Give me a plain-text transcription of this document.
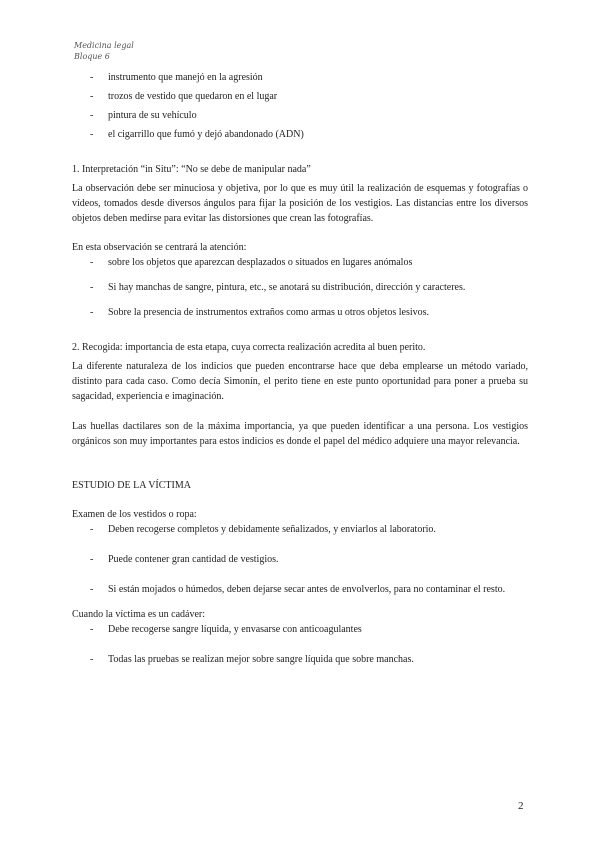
Medicina legal
Bloque 6

- instrumento que manejó en la agresión

- trozos de vestido que quedaron en el lugar

- pintura de su vehículo

- el cigarrillo que fumó y dejó abandonado (ADN)

1. Interpretación “in Situ”: “No se debe de manipular nada”

La observación debe ser minuciosa y objetiva, por lo que es muy útil la realización de esquemas y fotografías o vídeos, tomados desde diversos ángulos para fijar la posición de los vestigios. Las distancias entre los diversos objetos deben medirse para evitar las distorsiones que crean las fotografías.

En esta observación se centrará la atención:

- sobre los objetos que aparezcan desplazados o situados en lugares anómalos

- Si hay manchas de sangre, pintura, etc., se anotará su distribución, dirección y caracteres.

- Sobre la presencia de instrumentos extraños como armas u otros objetos lesivos.

2. Recogida: importancia de esta etapa, cuya correcta realización acredita al buen perito.

La diferente naturaleza de los indicios que pueden encontrarse hace que deba emplearse un método variado, distinto para cada caso. Como decía Simonín, el perito tiene en este punto oportunidad para poner a prueba su sagacidad, experiencia e imaginación.

Las huellas dactilares son de la máxima importancia, ya que pueden identificar a una persona. Los vestigios orgánicos son muy importantes para estos indicios es donde el papel del médico adquiere una mayor relevancia.

ESTUDIO DE LA VÍCTIMA

Examen de los vestidos o ropa:

- Deben recogerse completos y debidamente señalizados, y enviarlos al laboratorio.

- Puede contener gran cantidad de vestigios.

- Si están mojados o húmedos, deben dejarse secar antes de envolverlos, para no contaminar el resto.

Cuando la víctima es un cadáver:

- Debe recogerse sangre líquida, y envasarse con anticoagulantes

- Todas las pruebas se realizan mejor sobre sangre líquida que sobre manchas.

2
